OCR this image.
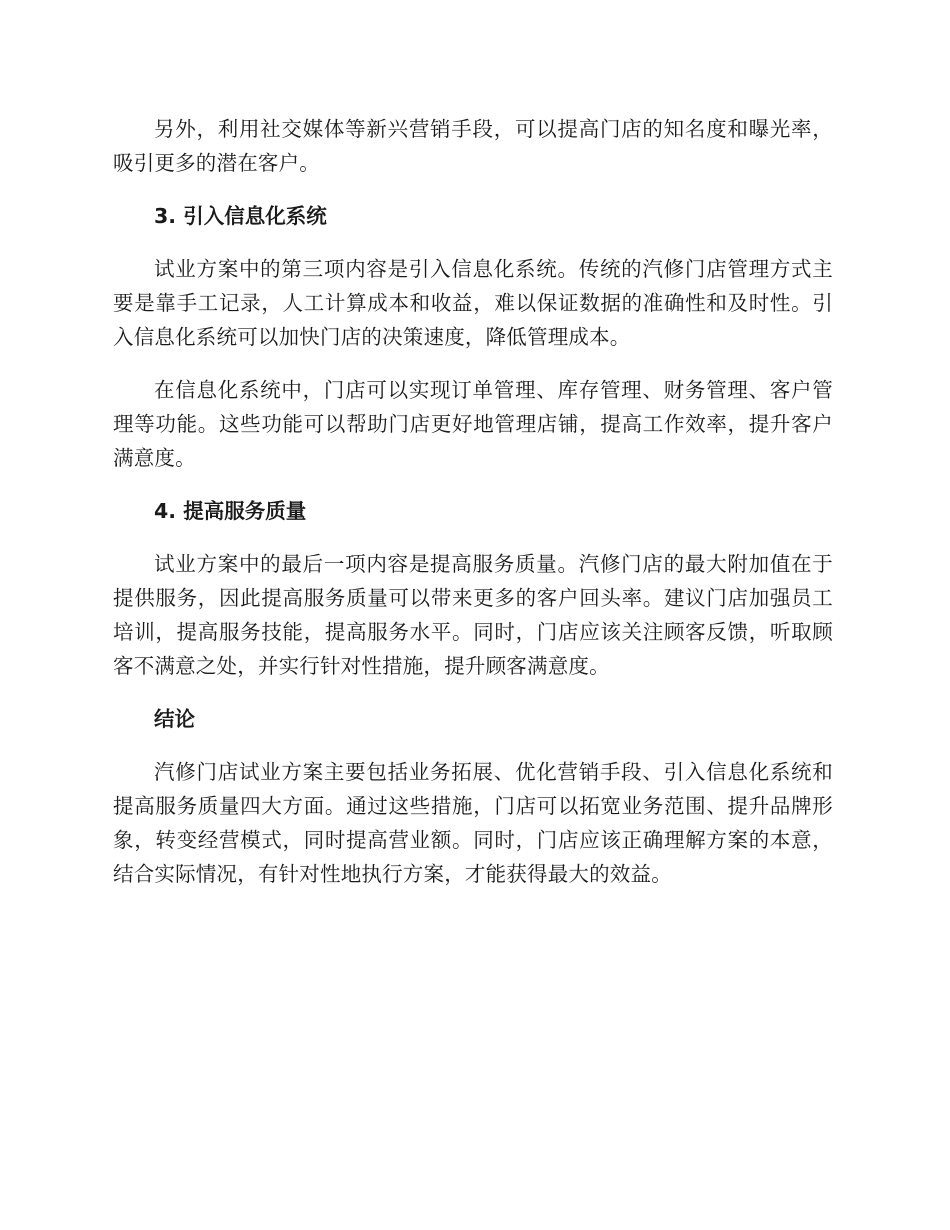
另外，利用社交媒体等新兴营销手段，可以提高门店的知名度和曝光率，吸引更多的潜在客户。

3. 引入信息化系统

试业方案中的第三项内容是引入信息化系统。传统的汽修门店管理方式主要是靠手工记录，人工计算成本和收益，难以保证数据的准确性和及时性。引入信息化系统可以加快门店的决策速度，降低管理成本。

在信息化系统中，门店可以实现订单管理、库存管理、财务管理、客户管理等功能。这些功能可以帮助门店更好地管理店铺，提高工作效率，提升客户满意度。

4. 提高服务质量

试业方案中的最后一项内容是提高服务质量。汽修门店的最大附加值在于提供服务，因此提高服务质量可以带来更多的客户回头率。建议门店加强员工培训，提高服务技能，提高服务水平。同时，门店应该关注顾客反馈，听取顾客不满意之处，并实行针对性措施，提升顾客满意度。

结论

汽修门店试业方案主要包括业务拓展、优化营销手段、引入信息化系统和提高服务质量四大方面。通过这些措施，门店可以拓宽业务范围、提升品牌形象，转变经营模式，同时提高营业额。同时，门店应该正确理解方案的本意，结合实际情况，有针对性地执行方案，才能获得最大的效益。
